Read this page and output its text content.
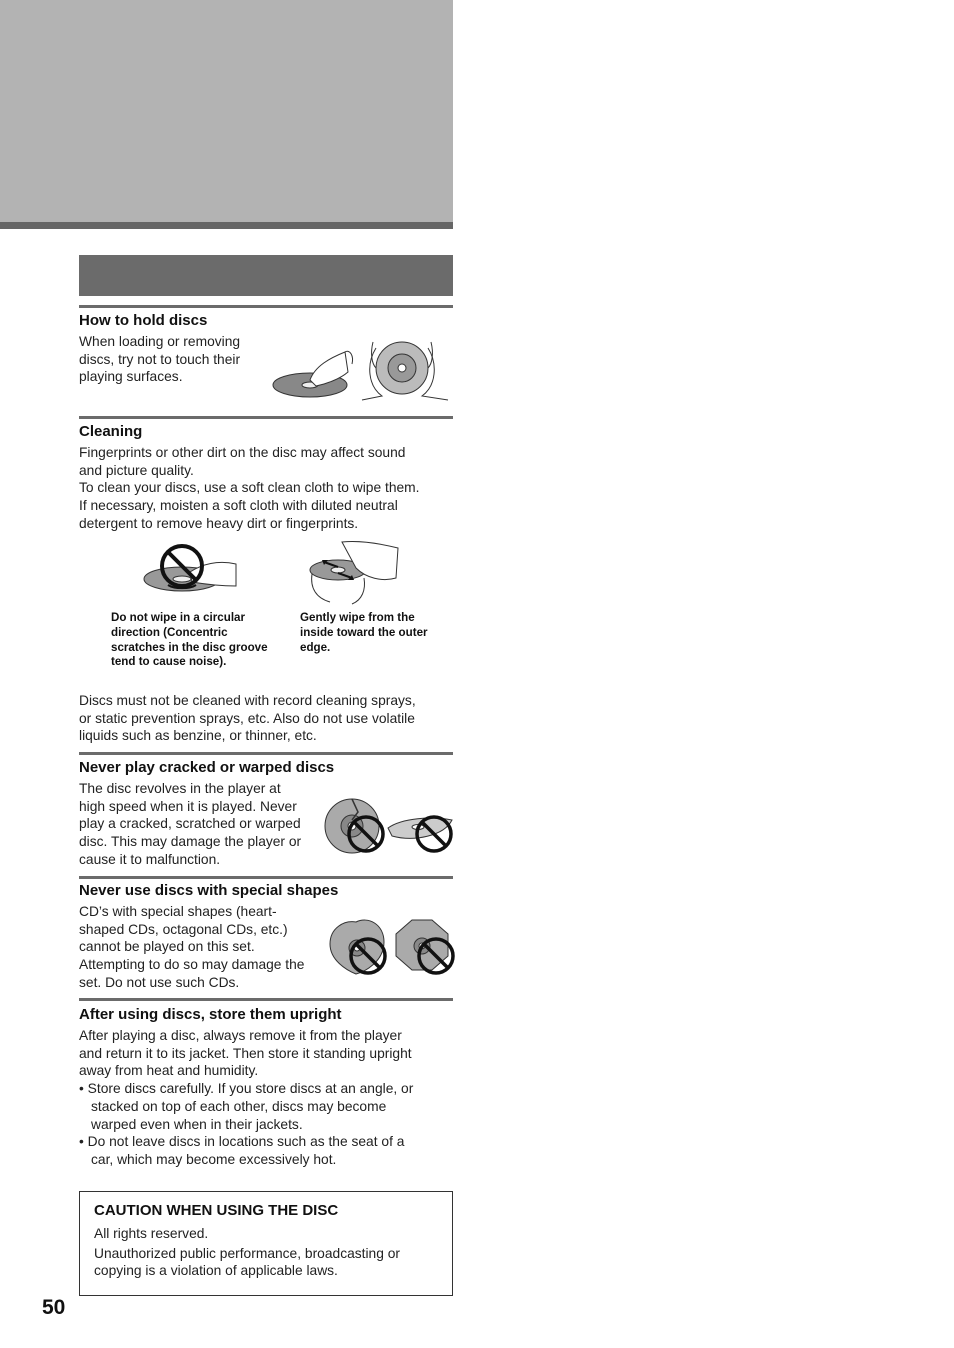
How to hold discs
When loading or removing
discs, try not to touch their
playing surfaces.
Cleaning
Fingerprints or other dirt on the disc may affect sound
and picture quality.
To clean your discs, use a soft clean cloth to wipe them.
If necessary, moisten a soft cloth with diluted neutral
detergent to remove heavy dirt or fingerprints.
Do not wipe in a circular
direction (Concentric
scratches in the disc groove
tend to cause noise).
Gently wipe from the
inside toward the outer
edge.
Discs must not be cleaned with record cleaning sprays,
or static prevention sprays, etc. Also do not use volatile
liquids such as benzine, or thinner, etc.
Never play cracked or warped discs
The disc revolves in the player at
high speed when it is played. Never
play a cracked, scratched or warped
disc. This may damage the player or
cause it to malfunction.
Never use discs with special shapes
CD’s with special shapes (heart-
shaped CDs, octagonal CDs, etc.)
cannot be played on this set.
Attempting to do so may damage the
set. Do not use such CDs.
After using discs, store them upright
After playing a disc, always remove it from the player
and return it to its jacket. Then store it standing upright
away from heat and humidity.
• Store discs carefully. If you store discs at an angle, or
stacked on top of each other, discs may become
warped even when in their jackets.
• Do not leave discs in locations such as the seat of a
car, which may become excessively hot.
CAUTION WHEN USING THE DISC
All rights reserved.
Unauthorized public performance, broadcasting or
copying is a violation of applicable laws.
50
